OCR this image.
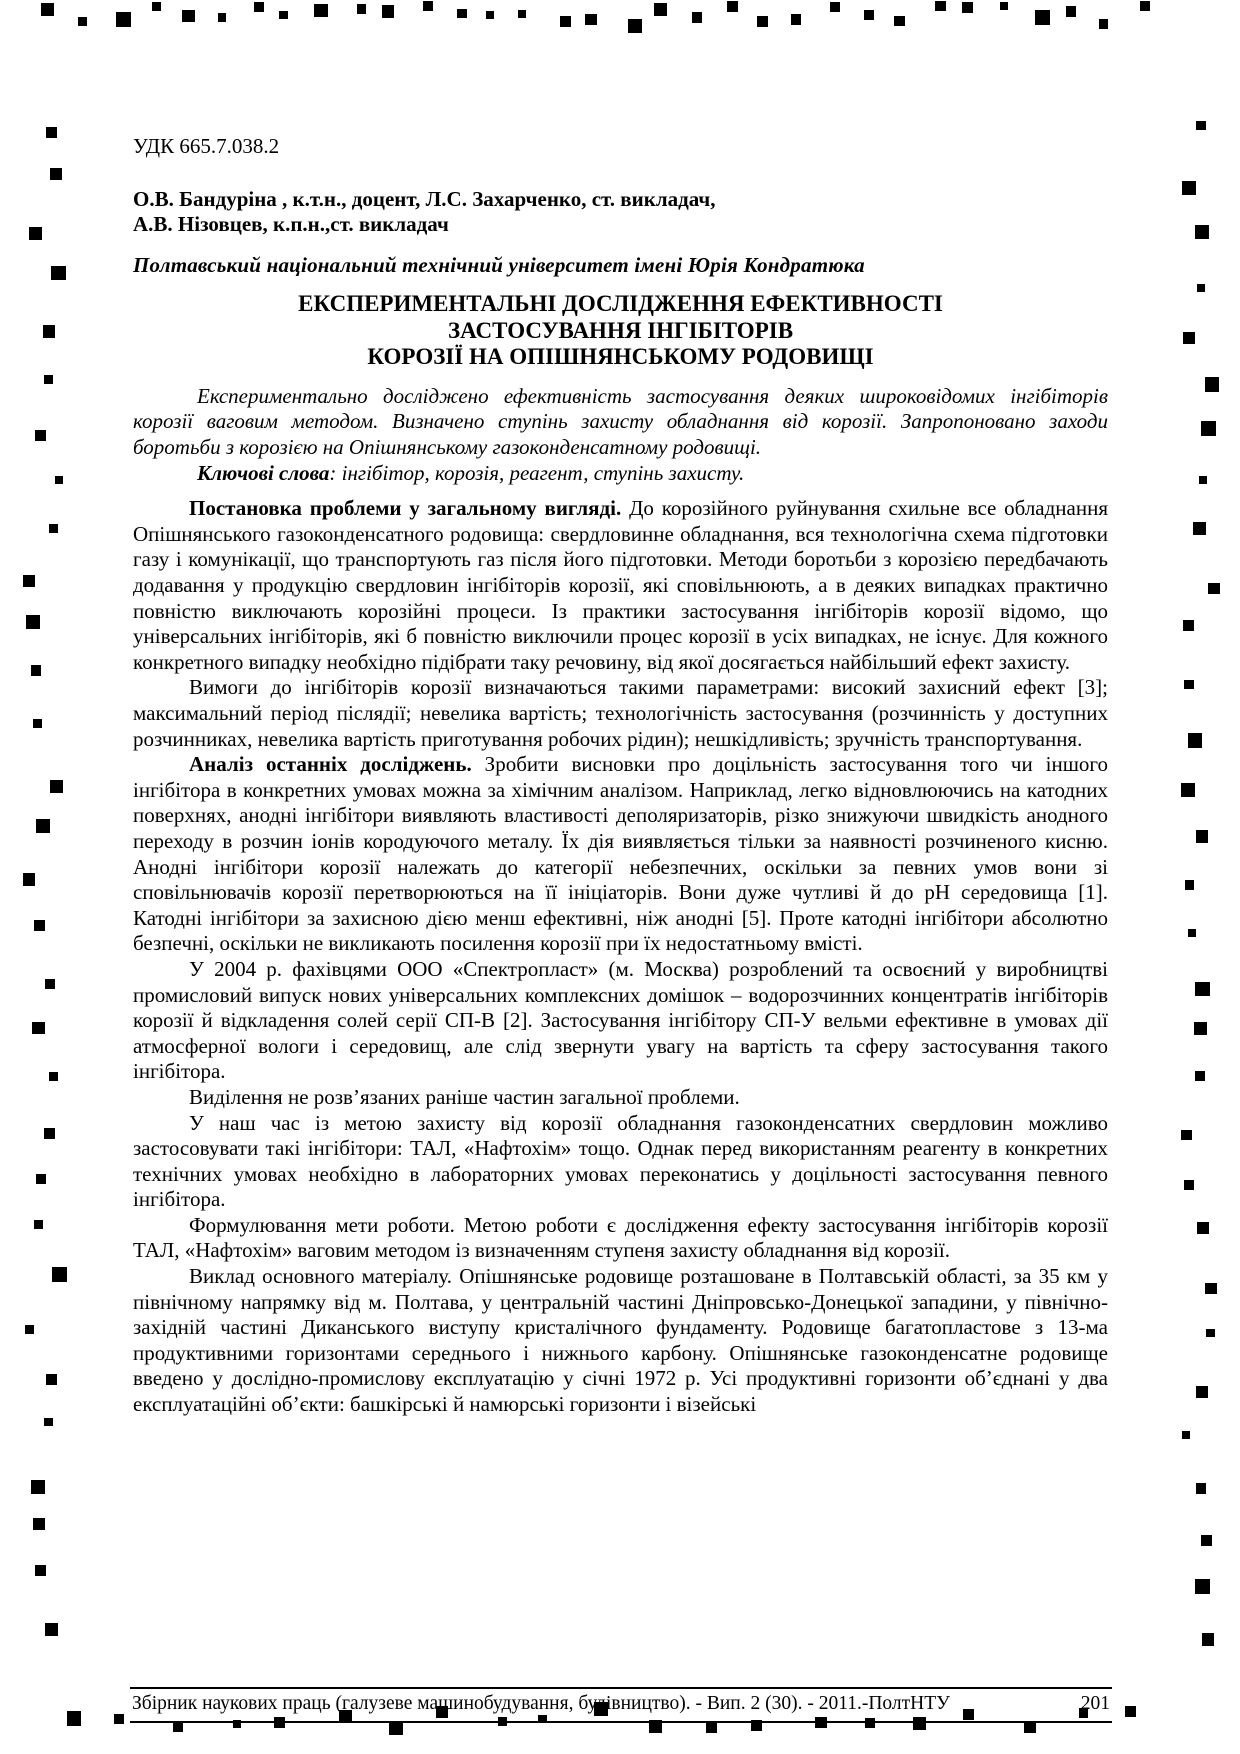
УДК 665.7.038.2
О.В. Бандуріна , к.т.н., доцент, Л.С. Захарченко, ст. викладач,
А.В. Нізовцев, к.п.н.,ст. викладач
Полтавський національний технічний університет імені Юрія Кондратюка
ЕКСПЕРИМЕНТАЛЬНІ ДОСЛІДЖЕННЯ ЕФЕКТИВНОСТІ
ЗАСТОСУВАННЯ ІНГІБІТОРІВ
КОРОЗІЇ НА ОПІШНЯНСЬКОМУ РОДОВИЩІ

Експериментально досліджено ефективність застосування деяких широковідомих інгібіторів корозії ваговим методом. Визначено ступінь захисту обладнання від корозії. Запропоновано заходи боротьби з корозією на Опішнянському газоконденсатному родовищі.

Ключові слова: інгібітор, корозія, реагент, ступінь захисту.

Постановка проблеми у загальному вигляді. До корозійного руйнування схильне все обладнання Опішнянського газоконденсатного родовища: свердловинне обладнання, вся технологічна схема підготовки газу і комунікації, що транспортують газ після його підготовки. Методи боротьби з корозією передбачають додавання у продукцію свердловин інгібіторів корозії, які сповільнюють, а в деяких випадках практично повністю виключають корозійні процеси. Із практики застосування інгібіторів корозії відомо, що універсальних інгібіторів, які б повністю виключили процес корозії в усіх випадках, не існує. Для кожного конкретного випадку необхідно підібрати таку речовину, від якої досягається найбільший ефект захисту.

Вимоги до інгібіторів корозії визначаються такими параметрами: високий захисний ефект [3]; максимальний період післядії; невелика вартість; технологічність застосування (розчинність у доступних розчинниках, невелика вартість приготування робочих рідин); нешкідливість; зручність транспортування.

Аналіз останніх досліджень. Зробити висновки про доцільність застосування того чи іншого інгібітора в конкретних умовах можна за хімічним аналізом. Наприклад, легко відновлюючись на катодних поверхнях, анодні інгібітори виявляють властивості деполяризаторів, різко знижуючи швидкість анодного переходу в розчин іонів кородуючого металу. Їх дія виявляється тільки за наявності розчиненого кисню. Анодні інгібітори корозії належать до категорії небезпечних, оскільки за певних умов вони зі сповільнювачів корозії перетворюються на її ініціаторів. Вони дуже чутливі й до pH середовища [1]. Катодні інгібітори за захисною дією менш ефективні, ніж анодні [5]. Проте катодні інгібітори абсолютно безпечні, оскільки не викликають посилення корозії при їх недостатньому вмісті.

У 2004 р. фахівцями ООО «Спектропласт» (м. Москва) розроблений та освоєний у виробництві промисловий випуск нових універсальних комплексних домішок – водорозчинних концентратів інгібіторів корозії й відкладення солей серії СП-В [2]. Застосування інгібітору СП-У вельми ефективне в умовах дії атмосферної вологи і середовищ, але слід звернути увагу на вартість та сферу застосування такого інгібітора.

Виділення не розв’язаних раніше частин загальної проблеми.

У наш час із метою захисту від корозії обладнання газоконденсатних свердловин можливо застосовувати такі інгібітори: ТАЛ, «Нафтохім» тощо. Однак перед використанням реагенту в конкретних технічних умовах необхідно в лабораторних умовах переконатись у доцільності застосування певного інгібітора.

Формулювання мети роботи. Метою роботи є дослідження ефекту застосування інгібіторів корозії ТАЛ, «Нафтохім» ваговим методом із визначенням ступеня захисту обладнання від корозії.

Виклад основного матеріалу. Опішнянське родовище розташоване в Полтавській області, за 35 км у північному напрямку від м. Полтава, у центральній частині Дніпровсько-Донецької западини, у північно-західній частині Диканського виступу кристалічного фундаменту. Родовище багатопластове з 13-ма продуктивними горизонтами середнього і нижнього карбону. Опішнянське газоконденсатне родовище введено у дослідно-промислову експлуатацію у січні 1972 р. Усі продуктивні горизонти об’єднані у два експлуатаційні об’єкти: башкірські й намюрські горизонти і візейські

Збірник наукових праць (галузеве машинобудування, будівництво). - Вип. 2 (30). - 2011.-ПолтНТУ	201
